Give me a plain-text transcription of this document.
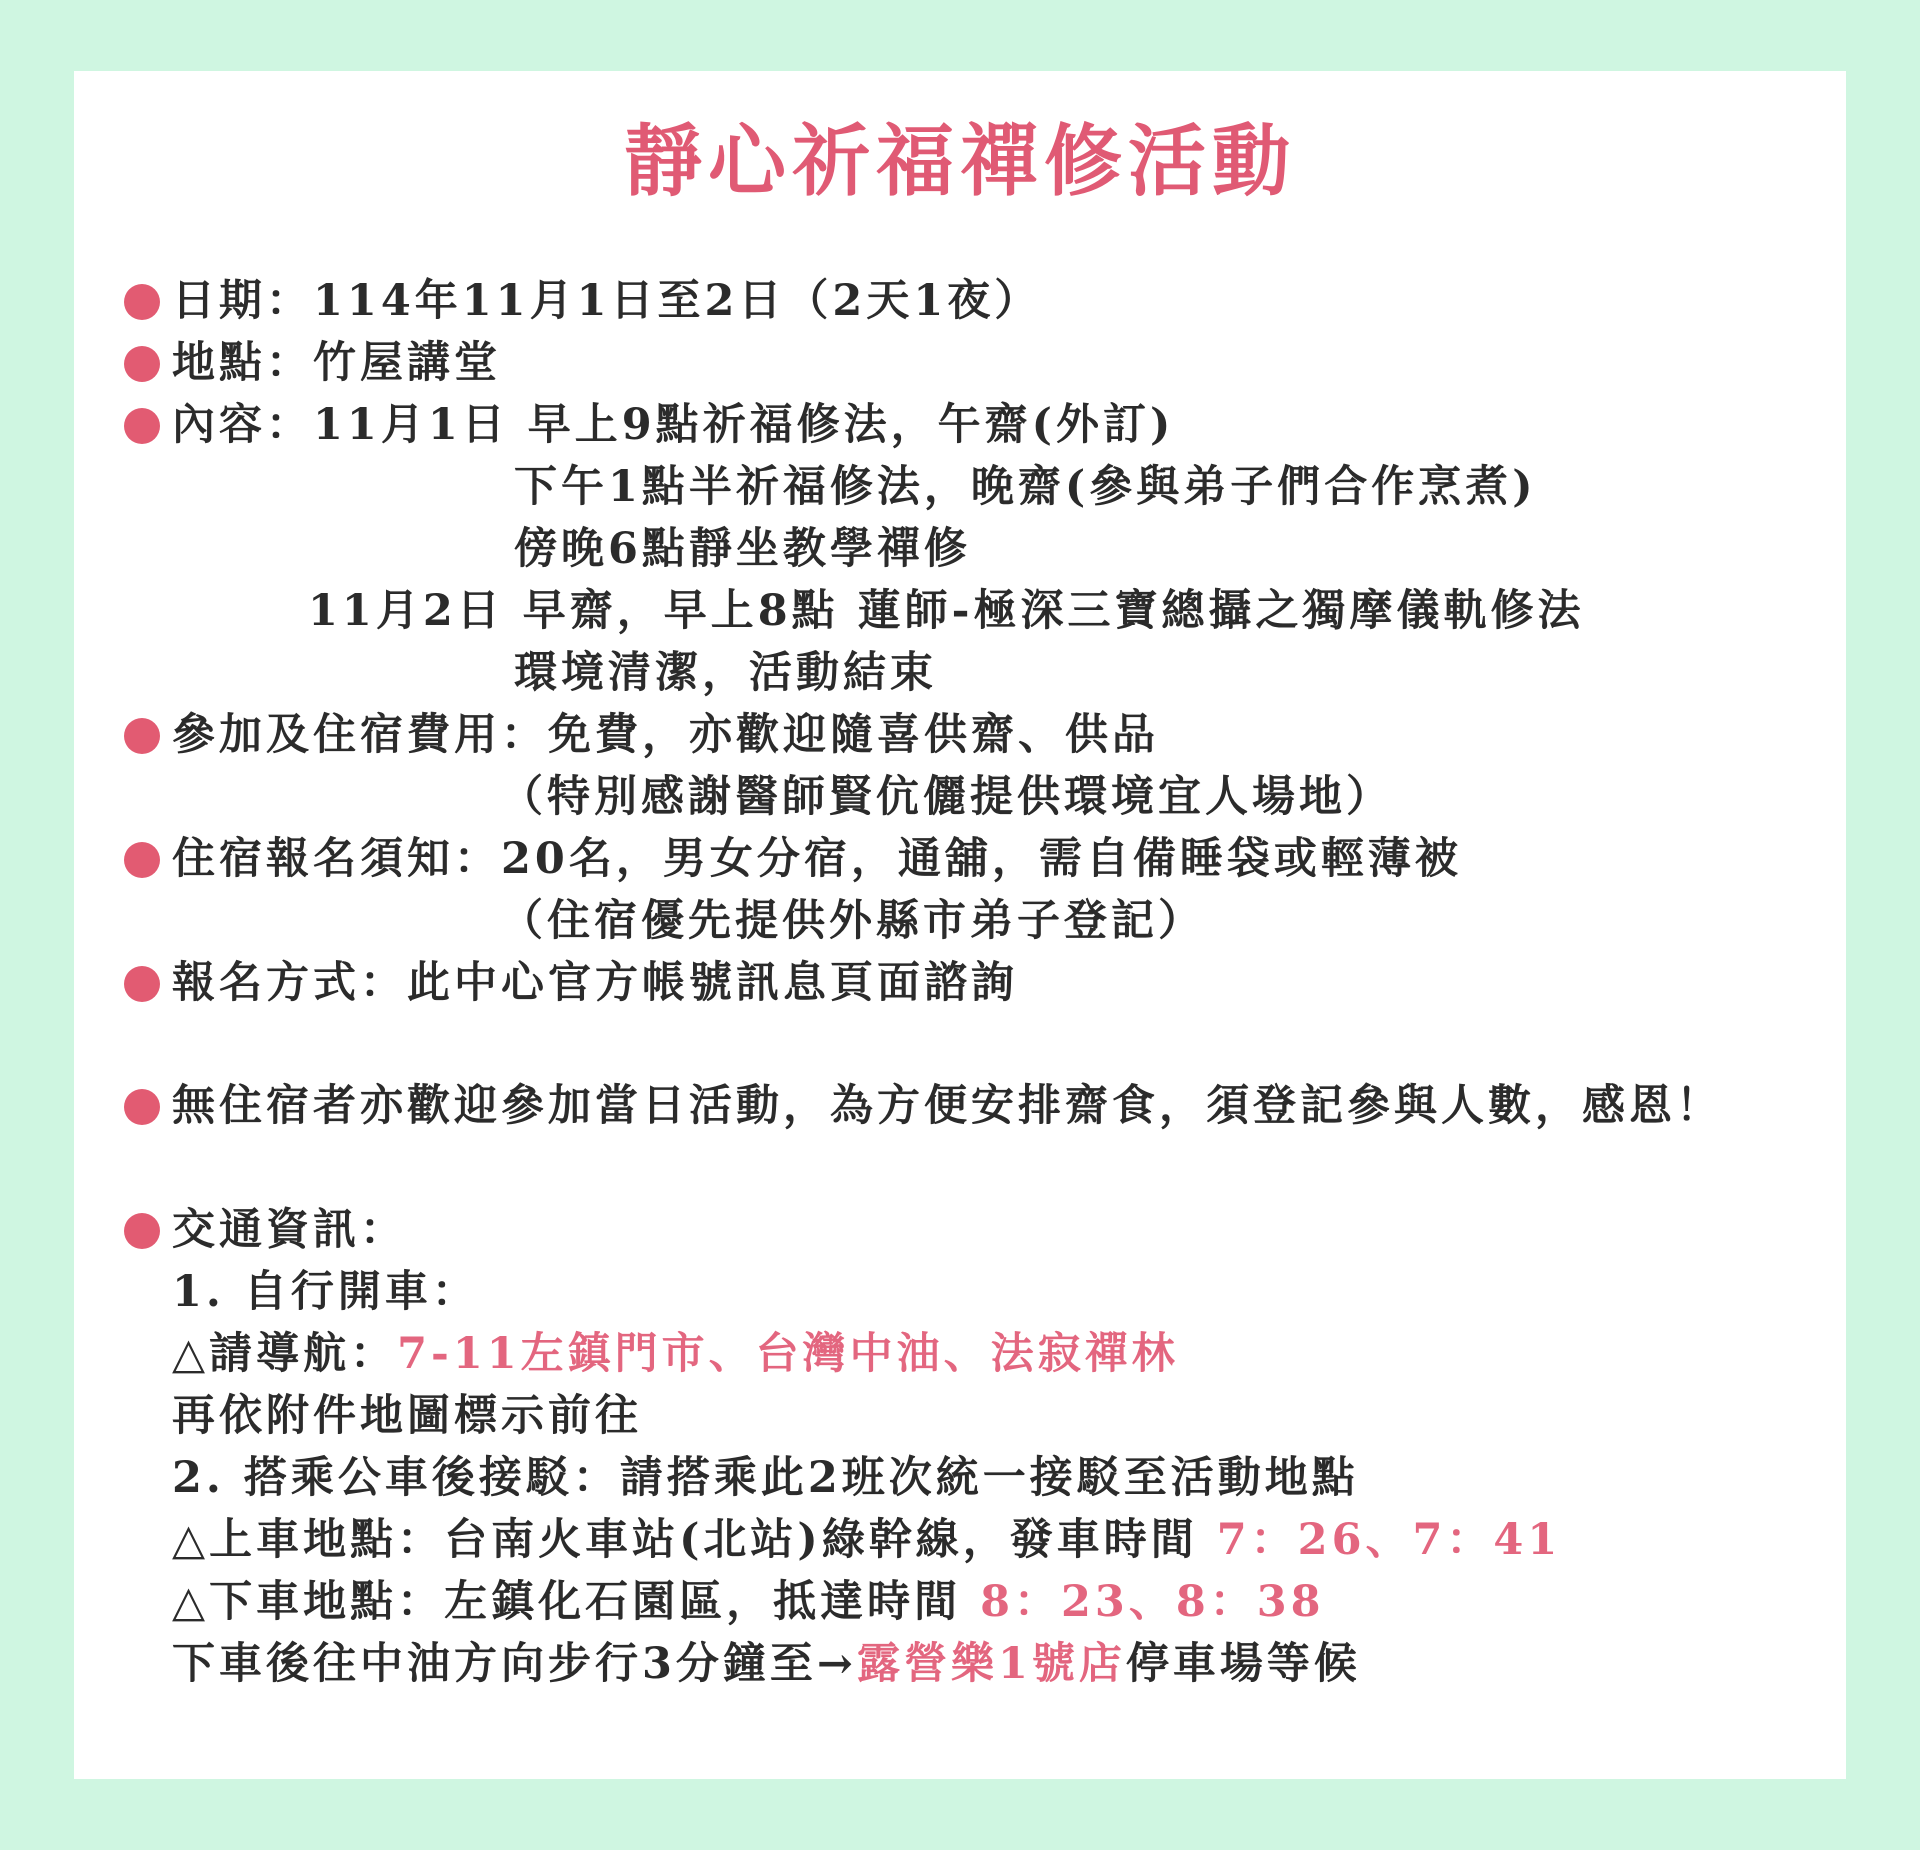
靜心祈福禪修活動
日期：114年11月1日至2日（2天1夜）
地點：竹屋講堂
內容：11月1日 早上9點祈福修法，午齋(外訂)
下午1點半祈福修法，晚齋(參與弟子們合作烹煮)
傍晚6點靜坐教學禪修
11月2日 早齋，早上8點 蓮師-極深三寶總攝之獨摩儀軌修法
環境清潔，活動結束
參加及住宿費用：免費，亦歡迎隨喜供齋、供品
（特別感謝醫師賢伉儷提供環境宜人場地）
住宿報名須知：20名，男女分宿，通舖，需自備睡袋或輕薄被
（住宿優先提供外縣市弟子登記）
報名方式：此中心官方帳號訊息頁面諮詢
無住宿者亦歡迎參加當日活動，為方便安排齋食，須登記參與人數，感恩！
交通資訊：
1. 自行開車：
△請導航：7-11左鎮門市、台灣中油、法寂禪林
再依附件地圖標示前往
2. 搭乘公車後接駁：請搭乘此2班次統一接駁至活動地點
△上車地點：台南火車站(北站)綠幹線，發車時間 7：26、7：41
△下車地點：左鎮化石園區，抵達時間 8：23、8：38
下車後往中油方向步行3分鐘至→露營樂1號店停車場等候
